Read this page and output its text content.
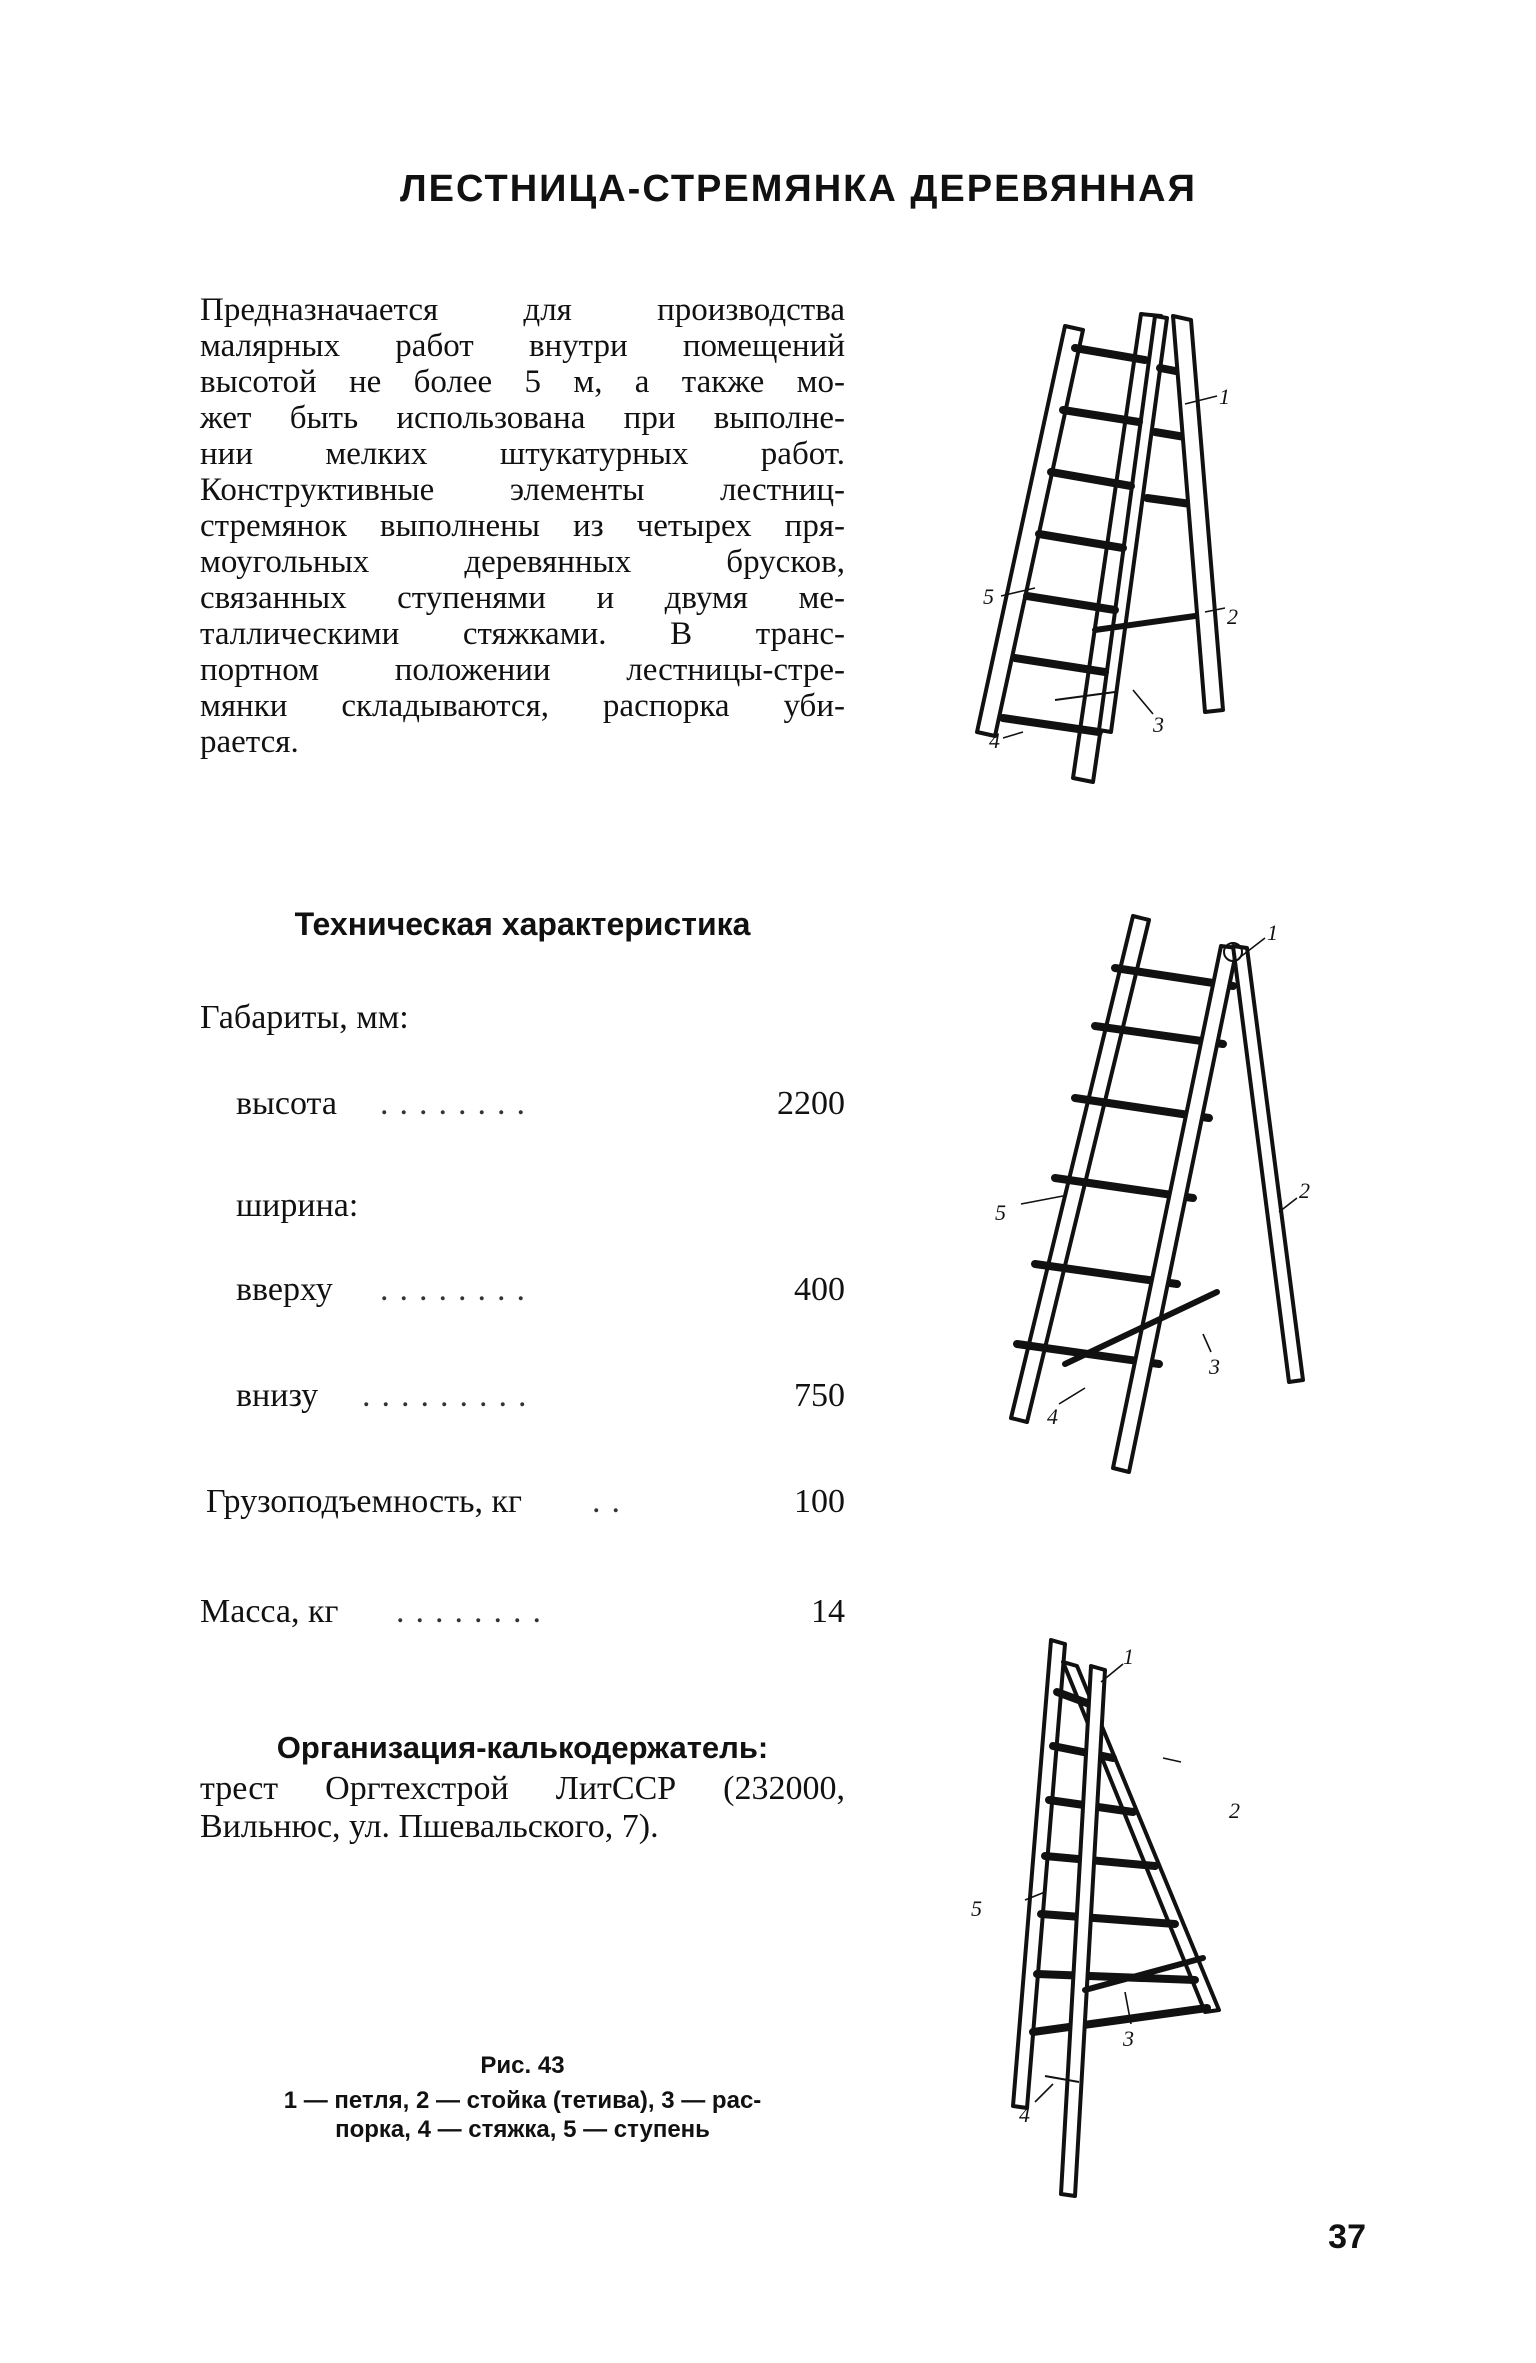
ЛЕСТНИЦА-СТРЕМЯНКА ДЕРЕВЯННАЯ
Предназначается для производства
малярных работ внутри помещений
высотой не более 5 м, а также мо-
жет быть использована при выполне-
нии мелких штукатурных работ.
Конструктивные элементы лестниц-
стремянок выполнены из четырех пря-
моугольных деревянных брусков,
связанных ступенями и двумя ме-
таллическими стяжками. В транс-
портном положении лестницы-стре-
мянки складываются, распорка уби-
рается.
Техническая характеристика
Габариты, мм:
высота ........	2200
ширина:
вверху ........	400
внизу .........	750
Грузоподъемность, кг ..	100
Масса, кг ........	14
Организация-калькодержатель:
трест Оргтехстрой ЛитССР (232000,
Вильнюс, ул. Пшевальского, 7).
Рис. 43
1 — петля, 2 — стойка (тетива), 3 — рас-
порка, 4 — стяжка, 5 — ступень
37
1
2
3
4
5
1
2
3
4
5
1
2
3
4
5
